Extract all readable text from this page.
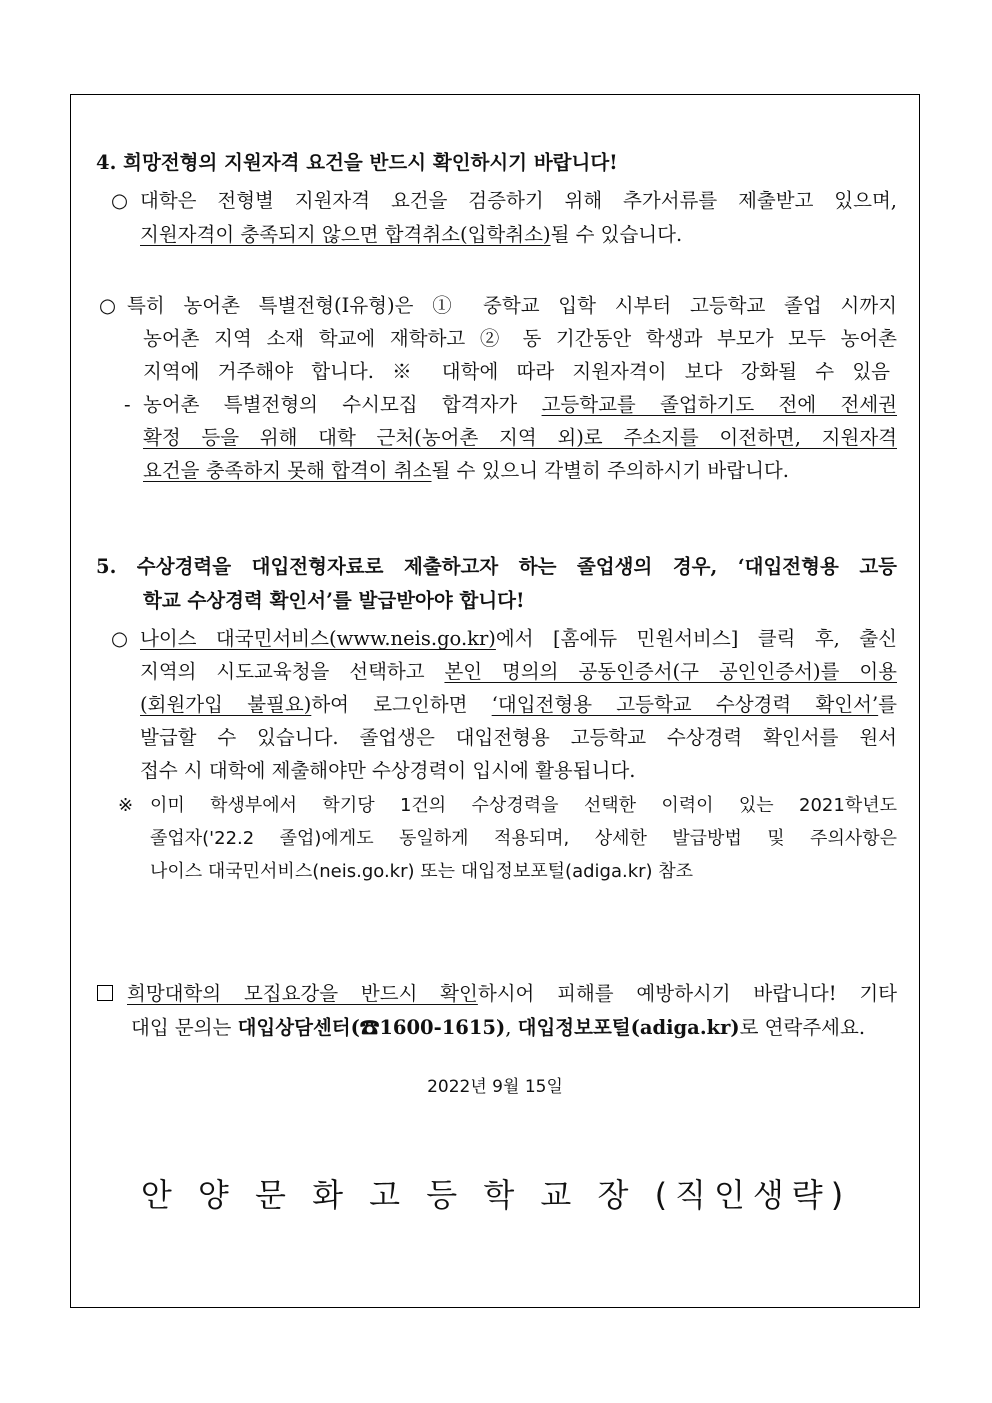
4. 희망전형의 지원자격 요건을 반드시 확인하시기 바랍니다!
○ 대학은 전형별 지원자격 요건을 검증하기 위해 추가서류를 제출받고 있으며,
지원자격이 충족되지 않으면 합격취소(입학취소)될 수 있습니다.
○ 특히 농어촌 특별전형(I유형)은 ① 중학교 입학 시부터 고등학교 졸업 시까지
농어촌 지역 소재 학교에 재학하고 ② 동 기간동안 학생과 부모가 모두 농어촌
지역에 거주해야 합니다. ※ 대학에 따라 지원자격이 보다 강화될 수 있음
- 농어촌 특별전형의 수시모집 합격자가 고등학교를 졸업하기도 전에 전세권
확정 등을 위해 대학 근처(농어촌 지역 외)로 주소지를 이전하면, 지원자격
요건을 충족하지 못해 합격이 취소될 수 있으니 각별히 주의하시기 바랍니다.
5. 수상경력을 대입전형자료로 제출하고자 하는 졸업생의 경우, ‘대입전형용 고등
학교 수상경력 확인서’를 발급받아야 합니다!
○ 나이스 대국민서비스(www.neis.go.kr)에서 [홈에듀 민원서비스] 클릭 후, 출신
지역의 시도교육청을 선택하고 본인 명의의 공동인증서(구 공인인증서)를 이용
(회원가입 불필요)하여 로그인하면 ‘대입전형용 고등학교 수상경력 확인서’를
발급할 수 있습니다. 졸업생은 대입전형용 고등학교 수상경력 확인서를 원서
접수 시 대학에 제출해야만 수상경력이 입시에 활용됩니다.
※ 이미 학생부에서 학기당 1건의 수상경력을 선택한 이력이 있는 2021학년도
졸업자('22.2 졸업)에게도 동일하게 적용되며, 상세한 발급방법 및 주의사항은
나이스 대국민서비스(neis.go.kr) 또는 대입정보포털(adiga.kr) 참조
희망대학의 모집요강을 반드시 확인하시어 피해를 예방하시기 바랍니다! 기타
대입 문의는 대입상담센터(☎1600-1615), 대입정보포털(adiga.kr)로 연락주세요.
2022년 9월 15일
안 양 문 화 고 등 학 교 장 (직인생략)
